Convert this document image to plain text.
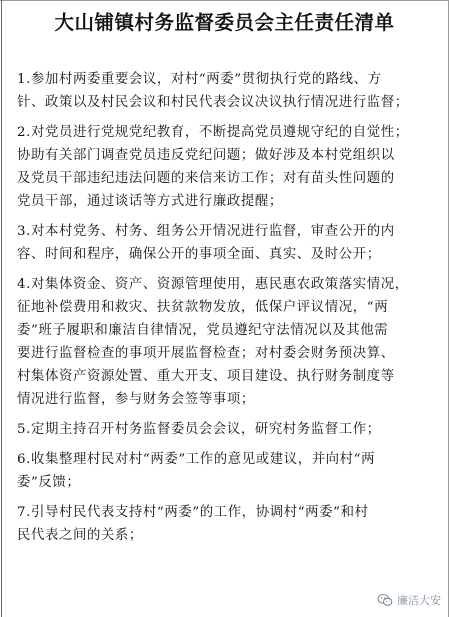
大山铺镇村务监督委员会主任责任清单
1.参加村两委重要会议，对村“两委”贯彻执行党的路线、方
针、政策以及村民会议和村民代表会议决议执行情况进行监督；
2.对党员进行党规党纪教育，不断提高党员遵规守纪的自觉性；
协助有关部门调查党员违反党纪问题；做好涉及本村党组织以
及党员干部违纪违法问题的来信来访工作；对有苗头性问题的
党员干部，通过谈话等方式进行廉政提醒；
3.对本村党务、村务、组务公开情况进行监督，审查公开的内
容、时间和程序，确保公开的事项全面、真实、及时公开；
4.对集体资金、资产、资源管理使用，惠民惠农政策落实情况，
征地补偿费用和救灾、扶贫款物发放，低保户评议情况，“两
委”班子履职和廉洁自律情况，党员遵纪守法情况以及其他需
要进行监督检查的事项开展监督检查；对村委会财务预决算、
村集体资产资源处置、重大开支、项目建设、执行财务制度等
情况进行监督，参与财务会签等事项；
5.定期主持召开村务监督委员会会议，研究村务监督工作；
6.收集整理村民对村“两委”工作的意见或建议，并向村“两
委”反馈；
7.引导村民代表支持村“两委”的工作，协调村“两委”和村
民代表之间的关系；
廉洁大安
